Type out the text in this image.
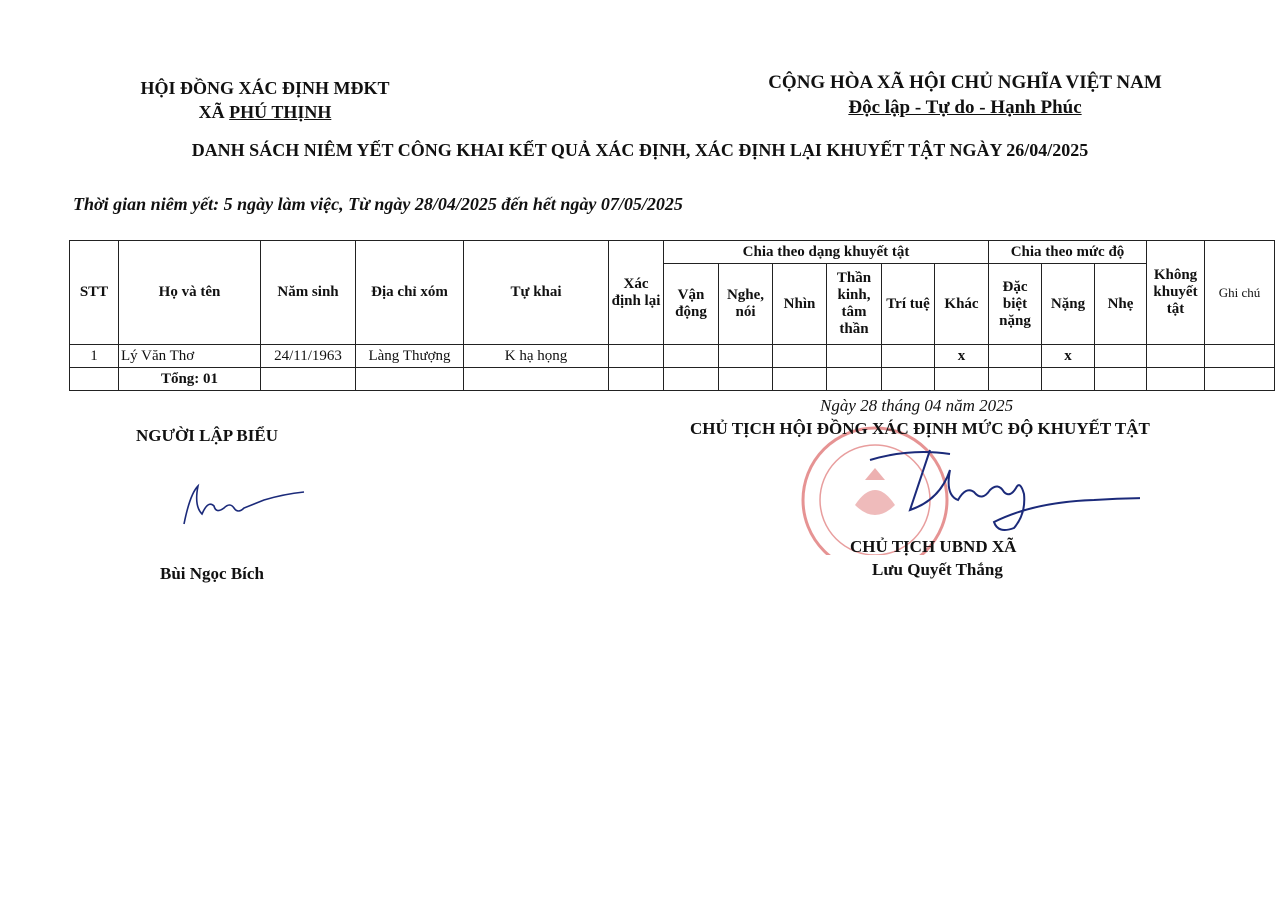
HỘI ĐỒNG XÁC ĐỊNH MĐKT
XÃ PHÚ THỊNH
CỘNG HÒA XÃ HỘI CHỦ NGHĨA VIỆT NAM
Độc lập - Tự do - Hạnh Phúc
DANH SÁCH NIÊM YẾT CÔNG KHAI KẾT QUẢ XÁC ĐỊNH, XÁC ĐỊNH LẠI KHUYẾT TẬT NGÀY 26/04/2025
Thời gian niêm yết: 5 ngày làm việc, Từ ngày 28/04/2025 đến hết ngày 07/05/2025
STT	Họ và tên	Năm sinh	Địa chỉ xóm	Tự khai	Xác định lại	Chia theo dạng khuyết tật						Chia theo mức độ			Không khuyết tật	Ghi chú
						Vận động	Nghe, nói	Nhìn	Thần kinh, tâm thần	Trí tuệ	Khác	Đặc biệt nặng	Nặng	Nhẹ		
1	Lý Văn Thơ	24/11/1963	Làng Thượng	K hạ họng							x		x			
	Tổng: 01															
NGƯỜI LẬP BIỂU
Bùi Ngọc Bích
Ngày 28 tháng 04 năm 2025
CHỦ TỊCH HỘI ĐỒNG XÁC ĐỊNH MỨC ĐỘ KHUYẾT TẬT
CHỦ TỊCH UBND XÃ
Lưu Quyết Thắng
